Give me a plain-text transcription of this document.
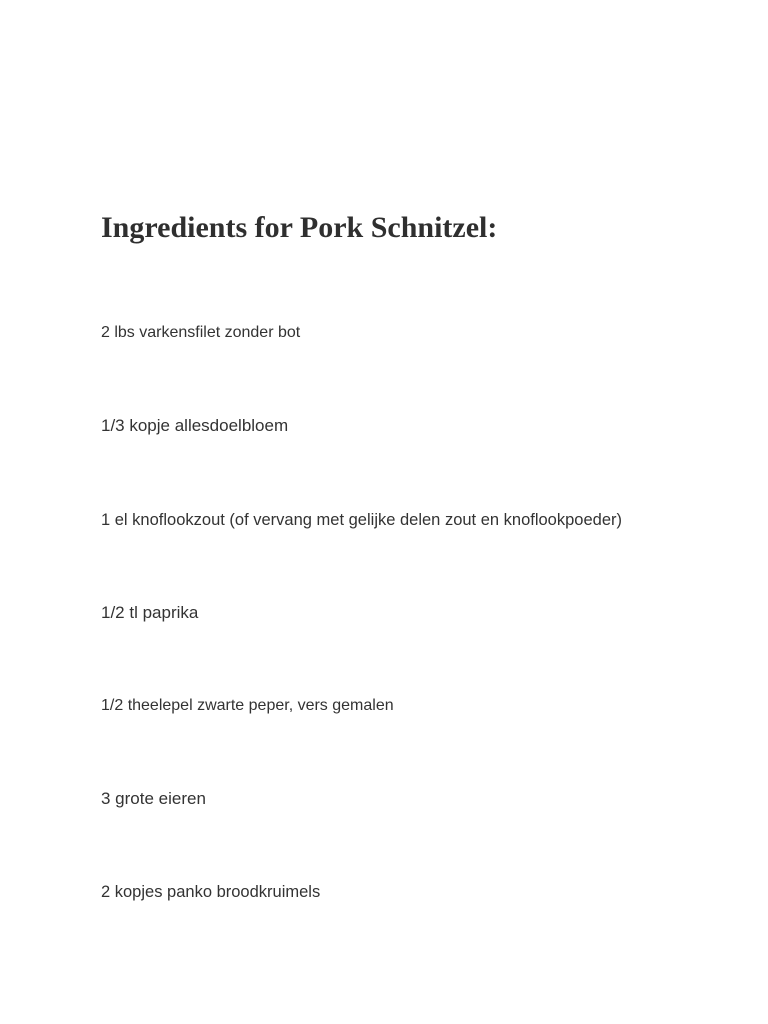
Ingredients for Pork Schnitzel:

2 lbs varkensfilet zonder bot

1/3 kopje allesdoelbloem

1 el knoflookzout (of vervang met gelijke delen zout en knoflookpoeder)

1/2 tl paprika

1/2 theelepel zwarte peper, vers gemalen

3 grote eieren

2 kopjes panko broodkruimels
